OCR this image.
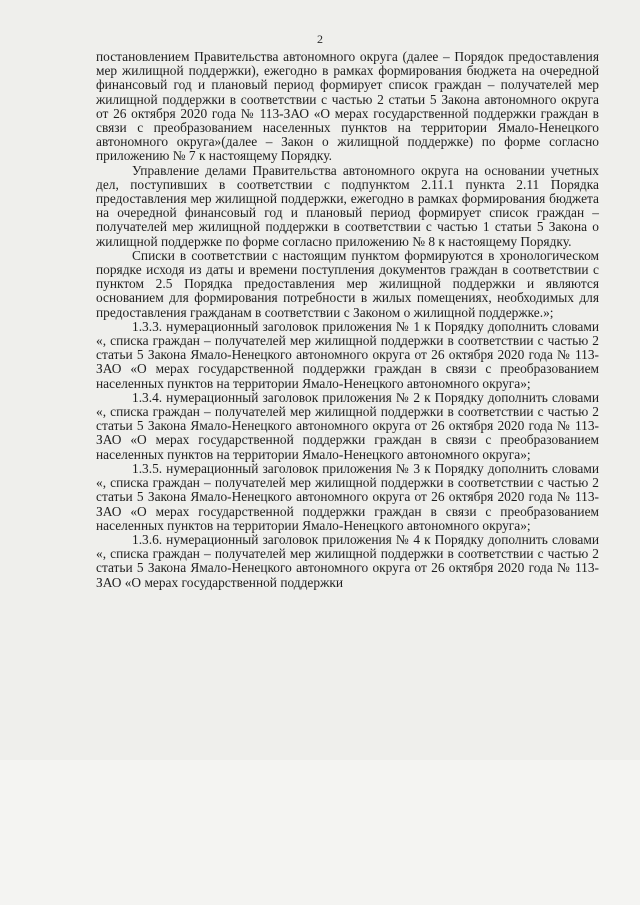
2

постановлением Правительства автономного округа (далее – Порядок предоставления мер жилищной поддержки), ежегодно в рамках формирования бюджета на очередной финансовый год и плановый период формирует список граждан – получателей мер жилищной поддержки в соответствии с частью 2 статьи 5 Закона автономного округа от 26 октября 2020 года № 113-ЗАО «О мерах государственной поддержки граждан в связи с преобразованием населенных пунктов на территории Ямало-Ненецкого автономного округа»(далее – Закон о жилищной поддержке) по форме согласно приложению № 7 к настоящему Порядку.

Управление делами Правительства автономного округа на основании учетных дел, поступивших в соответствии с подпунктом 2.11.1 пункта 2.11 Порядка предоставления мер жилищной поддержки, ежегодно в рамках формирования бюджета на очередной финансовый год и плановый период формирует список граждан – получателей мер жилищной поддержки в соответствии с частью 1 статьи 5 Закона о жилищной поддержке по форме согласно приложению № 8 к настоящему Порядку.

Списки в соответствии с настоящим пунктом формируются в хронологическом порядке исходя из даты и времени поступления документов граждан в соответствии с пунктом 2.5 Порядка предоставления мер жилищной поддержки и являются основанием для формирования потребности в жилых помещениях, необходимых для предоставления гражданам в соответствии с Законом о жилищной поддержке.»;

1.3.3. нумерационный заголовок приложения № 1 к Порядку дополнить словами «, списка граждан – получателей мер жилищной поддержки в соответствии с частью 2 статьи 5 Закона Ямало-Ненецкого автономного округа от 26 октября 2020 года № 113-ЗАО «О мерах государственной поддержки граждан в связи с преобразованием населенных пунктов на территории Ямало-Ненецкого автономного округа»;

1.3.4. нумерационный заголовок приложения № 2 к Порядку дополнить словами «, списка граждан – получателей мер жилищной поддержки в соответствии с частью 2 статьи 5 Закона Ямало-Ненецкого автономного округа от 26 октября 2020 года № 113-ЗАО «О мерах государственной поддержки граждан в связи с преобразованием населенных пунктов на территории Ямало-Ненецкого автономного округа»;

1.3.5. нумерационный заголовок приложения № 3 к Порядку дополнить словами «, списка граждан – получателей мер жилищной поддержки в соответствии с частью 2 статьи 5 Закона Ямало-Ненецкого автономного округа от 26 октября 2020 года № 113-ЗАО «О мерах государственной поддержки граждан в связи с преобразованием населенных пунктов на территории Ямало-Ненецкого автономного округа»;

1.3.6. нумерационный заголовок приложения № 4 к Порядку дополнить словами «, списка граждан – получателей мер жилищной поддержки в соответствии с частью 2 статьи 5 Закона Ямало-Ненецкого автономного округа от 26 октября 2020 года № 113-ЗАО «О мерах государственной поддержки
